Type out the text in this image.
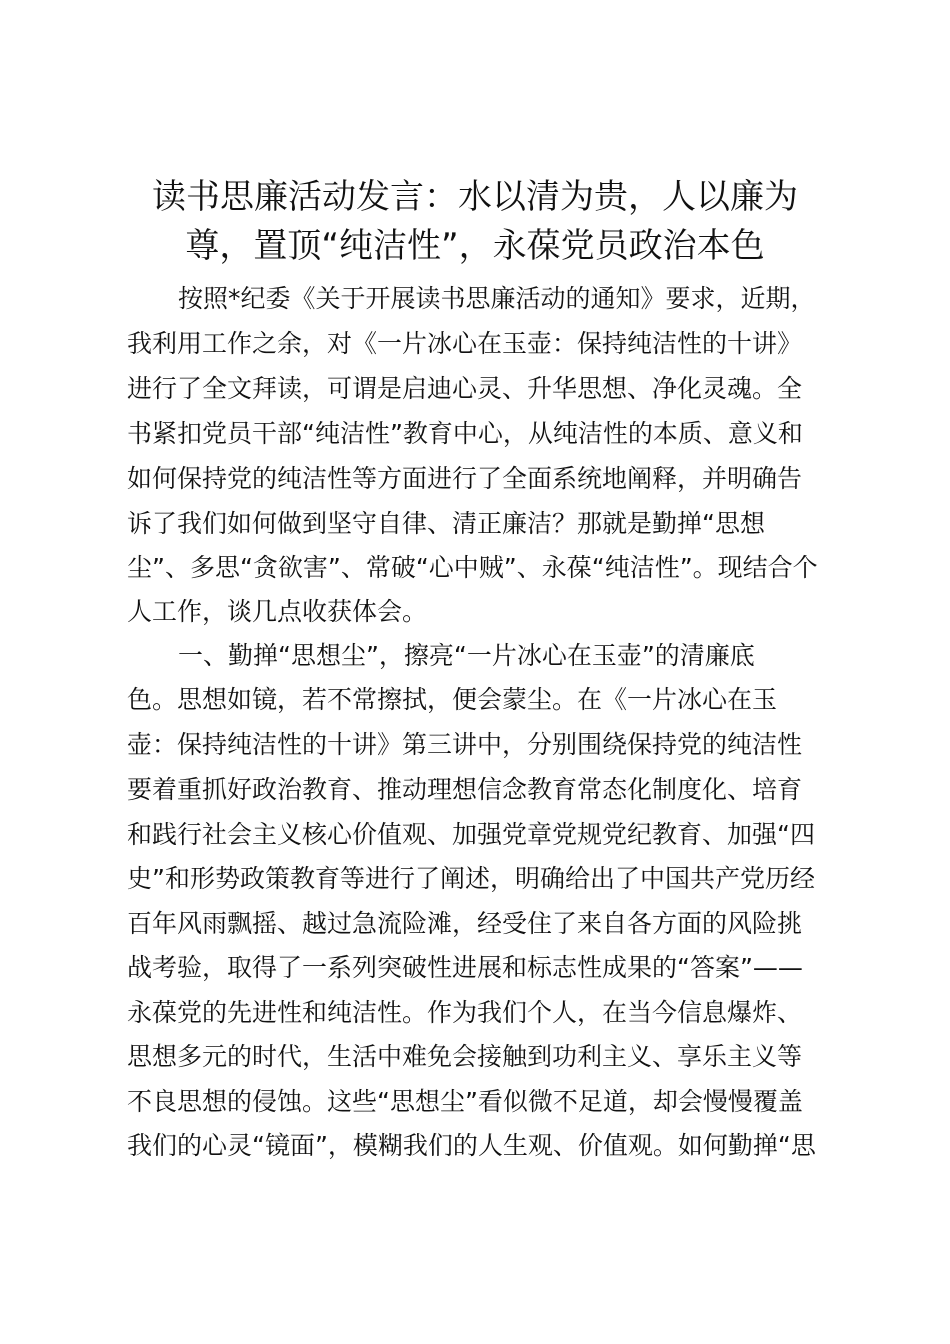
读书思廉活动发言：水以清为贵，人以廉为
尊，置顶“纯洁性”，永葆党员政治本色

按照*纪委《关于开展读书思廉活动的通知》要求，近期，

我利用工作之余，对《一片冰心在玉壶：保持纯洁性的十讲》

进行了全文拜读，可谓是启迪心灵、升华思想、净化灵魂。全

书紧扣党员干部“纯洁性”教育中心，从纯洁性的本质、意义和

如何保持党的纯洁性等方面进行了全面系统地阐释，并明确告

诉了我们如何做到坚守自律、清正廉洁？那就是勤掸“思想

尘”、多思“贪欲害”、常破“心中贼”、永葆“纯洁性”。现结合个

人工作，谈几点收获体会。

一、勤掸“思想尘”，擦亮“一片冰心在玉壶”的清廉底

色。思想如镜，若不常擦拭，便会蒙尘。在《一片冰心在玉

壶：保持纯洁性的十讲》第三讲中，分别围绕保持党的纯洁性

要着重抓好政治教育、推动理想信念教育常态化制度化、培育

和践行社会主义核心价值观、加强党章党规党纪教育、加强“四

史”和形势政策教育等进行了阐述，明确给出了中国共产党历经

百年风雨飘摇、越过急流险滩，经受住了来自各方面的风险挑

战考验，取得了一系列突破性进展和标志性成果的“答案”——

永葆党的先进性和纯洁性。作为我们个人，在当今信息爆炸、

思想多元的时代，生活中难免会接触到功利主义、享乐主义等

不良思想的侵蚀。这些“思想尘”看似微不足道，却会慢慢覆盖

我们的心灵“镜面”，模糊我们的人生观、价值观。如何勤掸“思
